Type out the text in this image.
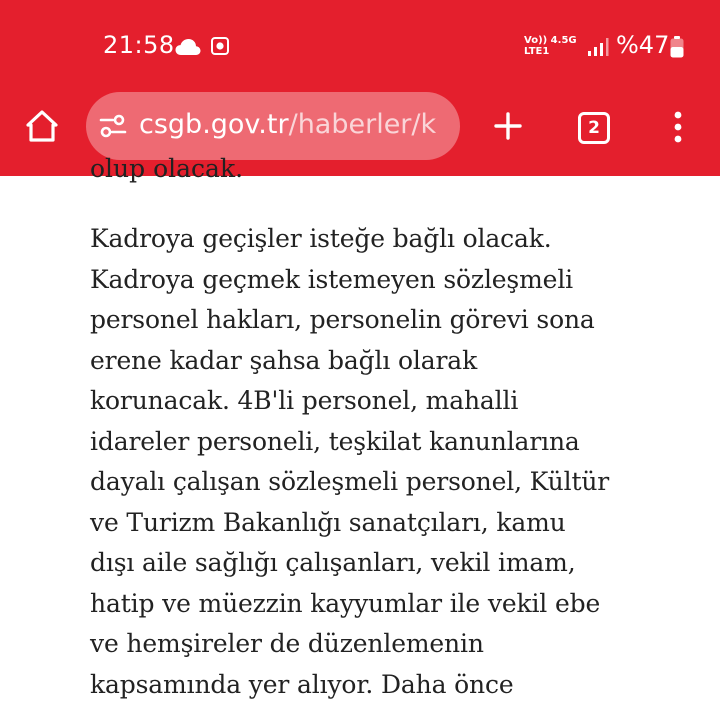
21:58	Vo)) 4.5G
LTE1	%47
csgb.gov.tr/haberler/k	2
olup olacak.
Kadroya geçişler isteğe bağlı olacak.
Kadroya geçmek istemeyen sözleşmeli
personel hakları, personelin görevi sona
erene kadar şahsa bağlı olarak
korunacak. 4B'li personel, mahalli
idareler personeli, teşkilat kanunlarına
dayalı çalışan sözleşmeli personel, Kültür
ve Turizm Bakanlığı sanatçıları, kamu
dışı aile sağlığı çalışanları, vekil imam,
hatip ve müezzin kayyumlar ile vekil ebe
ve hemşireler de düzenlemenin
kapsamında yer alıyor. Daha önce
